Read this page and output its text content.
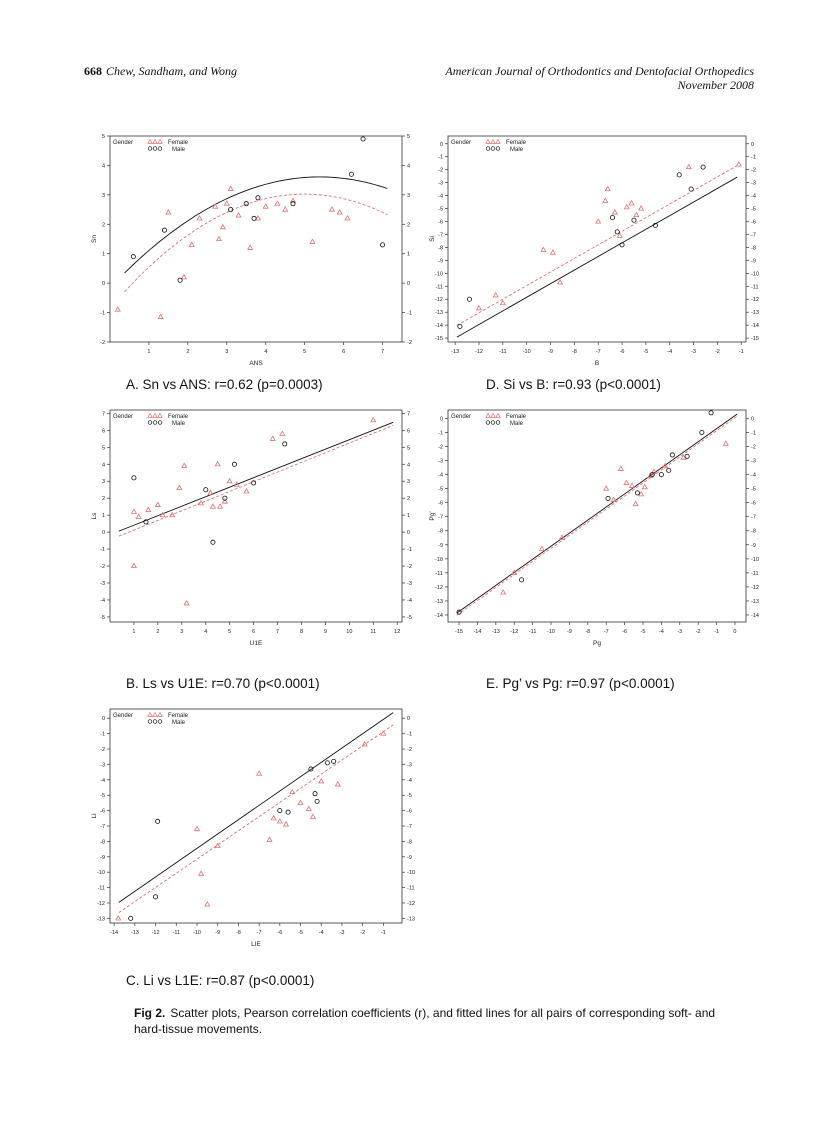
668 Chew, Sandham, and Wong	American Journal of Orthodontics and Dentofacial Orthopedics
November 2008
1	2	3	4	5	6	7
-2	-2
-1	-1
0	0
1	1
2	2
3	3
4	4
5	5
ANS
Sn
Gender	Female
Male
A. Sn vs ANS: r=0.62 (p=0.0003)
-13	-12	-11	-10	-9	-8	-7	-6	-5	-4	-3	-2	-1
0	0
-1	-1
-2	-2
-3	-3
-4	-4
-5	-5
-6	-6
-7	-7
-8	-8
-9	-9
-10	-10
-11	-11
-12	-12
-13	-13
-14	-14
-15	-15
B
Si
Gender	Female
Male
D. Si vs B: r=0.93 (p<0.0001)
1	2	3	4	5	6	7	8	9	10	11	12
-5	-5
-4	-4
-3	-3
-2	-2
-1	-1
0	0
1	1
2	2
3	3
4	4
5	5
6	6
7	7
U1E
Ls
Gender	Female
Male
B. Ls vs U1E: r=0.70 (p<0.0001)
-15 -14 -13 -12 -11 -10 -9 -8 -7 -6 -5 -4 -3 -2 -1	0
0	0
-1	-1
-2	-2
-3	-3
-4	-4
-5	-5
-6	-6
-7	-7
-8	-8
-9	-9
-10	-10
-11	-11
-12	-12
-13	-13
-14	-14
Pg
Pg'
Gender	Female
Male
E. Pg’ vs Pg: r=0.97 (p<0.0001)
-14 -13 -12 -11 -10	-9	-8	-7	-6	-5	-4	-3	-2	-1
0	0
-1	-1
-2	-2
-3	-3
-4	-4
-5	-5
-6	-6
-7	-7
-8	-8
-9	-9
-10	-10
-11	-11
-12	-12
-13	-13
LIE
Li
Gender	Female
Male
C. Li vs L1E: r=0.87 (p<0.0001)
Fig 2. Scatter plots, Pearson correlation coefficients (r), and fitted lines for all pairs of corresponding soft- and hard-tissue movements.
